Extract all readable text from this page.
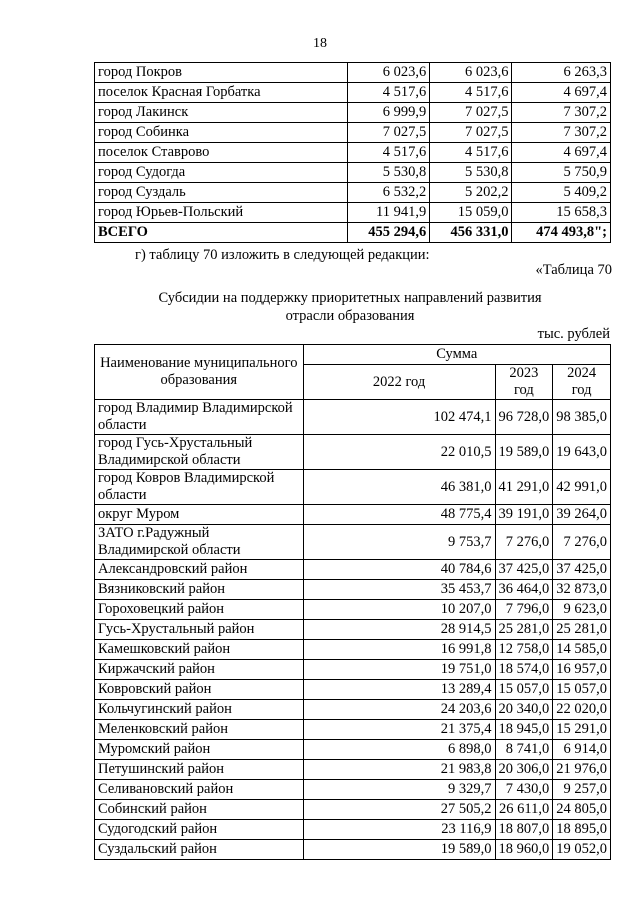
18
город Покров	6 023,6	6 023,6	6 263,3
поселок Красная Горбатка	4 517,6	4 517,6	4 697,4
город Лакинск	6 999,9	7 027,5	7 307,2
город Собинка	7 027,5	7 027,5	7 307,2
поселок Ставрово	4 517,6	4 517,6	4 697,4
город Судогда	5 530,8	5 530,8	5 750,9
город Суздаль	6 532,2	5 202,2	5 409,2
город Юрьев-Польский	11 941,9	15 059,0	15 658,3
ВСЕГО	455 294,6	456 331,0	474 493,8";
г) таблицу 70 изложить в следующей редакции:
«Таблица 70
Субсидии на поддержку приоритетных направлений развития
отрасли образования
тыс. рублей
Наименование муниципального образования	Сумма		
	2022 год	2023 год	2024 год
город Владимир Владимирской области	102 474,1	96 728,0	98 385,0
город Гусь-Хрустальный Владимирской области	22 010,5	19 589,0	19 643,0
город Ковров Владимирской области	46 381,0	41 291,0	42 991,0
округ Муром	48 775,4	39 191,0	39 264,0
ЗАТО г.Радужный Владимирской области	9 753,7	7 276,0	7 276,0
Александровский район	40 784,6	37 425,0	37 425,0
Вязниковский район	35 453,7	36 464,0	32 873,0
Гороховецкий район	10 207,0	7 796,0	9 623,0
Гусь-Хрустальный район	28 914,5	25 281,0	25 281,0
Камешковский район	16 991,8	12 758,0	14 585,0
Киржачский район	19 751,0	18 574,0	16 957,0
Ковровский район	13 289,4	15 057,0	15 057,0
Кольчугинский район	24 203,6	20 340,0	22 020,0
Меленковский район	21 375,4	18 945,0	15 291,0
Муромский район	6 898,0	8 741,0	6 914,0
Петушинский район	21 983,8	20 306,0	21 976,0
Селивановский район	9 329,7	7 430,0	9 257,0
Собинский район	27 505,2	26 611,0	24 805,0
Судогодский район	23 116,9	18 807,0	18 895,0
Суздальский район	19 589,0	18 960,0	19 052,0
